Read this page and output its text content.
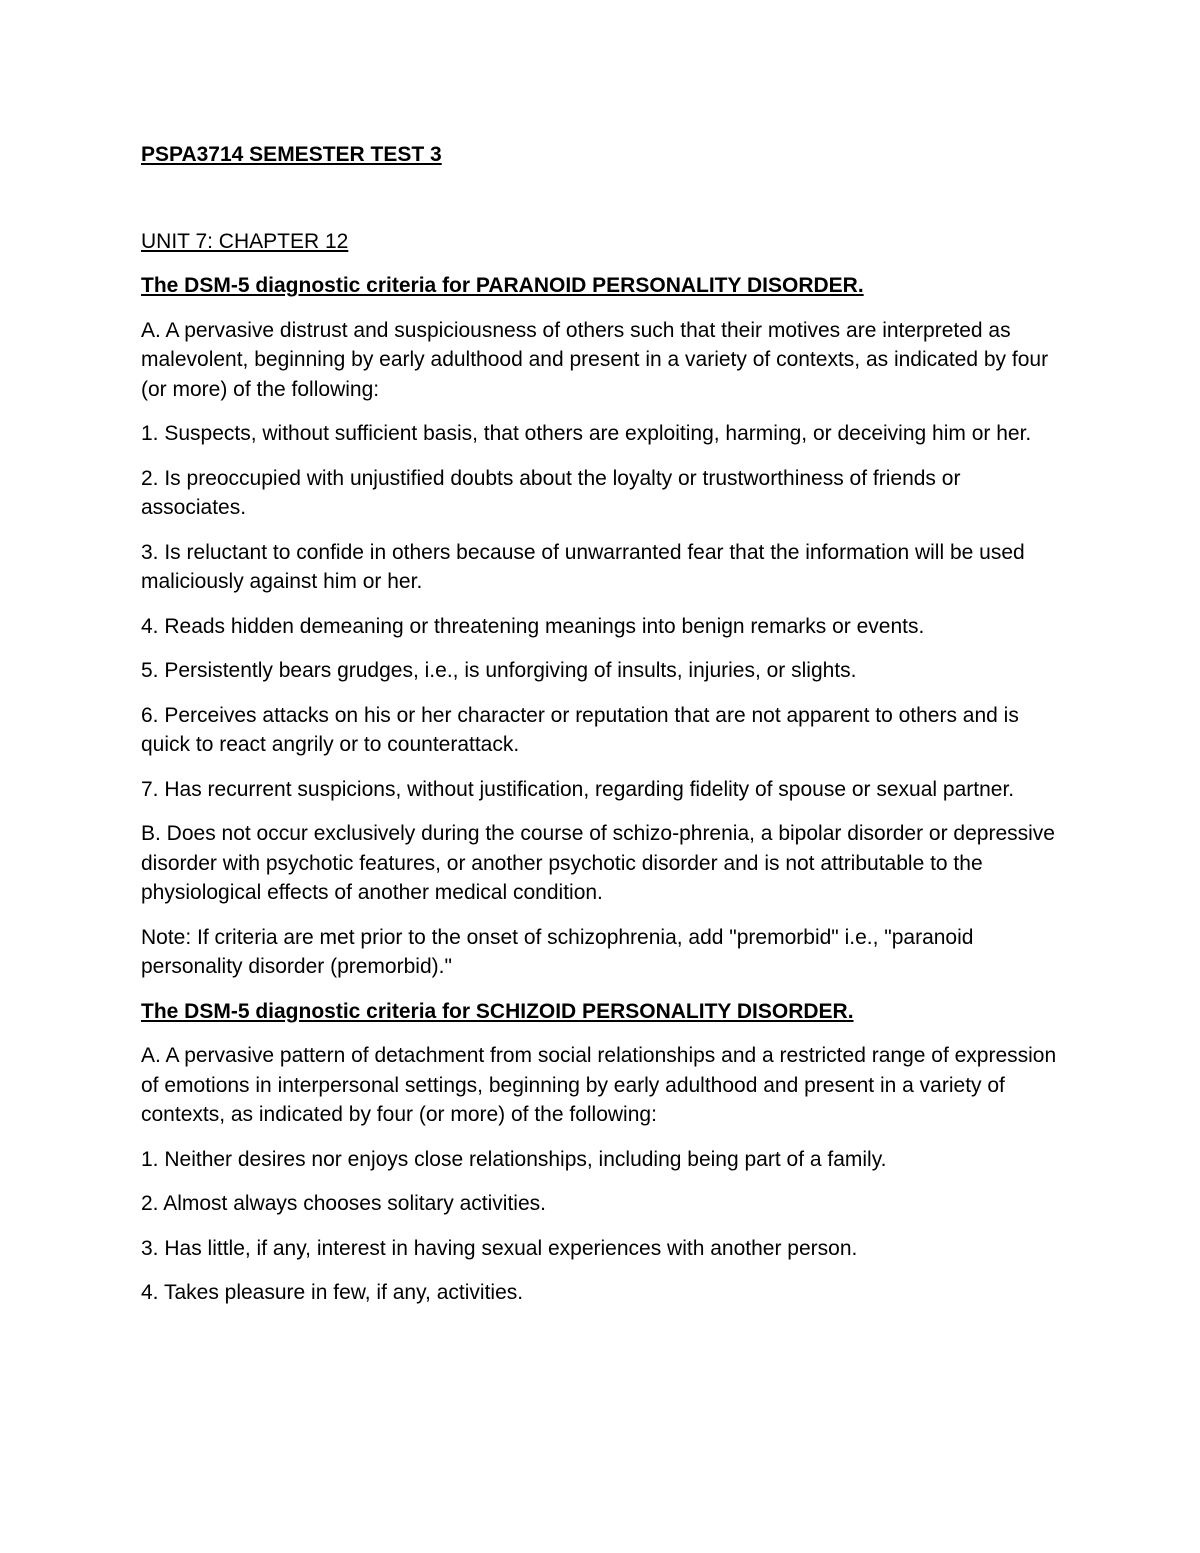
PSPA3714 SEMESTER TEST 3

UNIT 7: CHAPTER 12

The DSM-5 diagnostic criteria for PARANOID PERSONALITY DISORDER.

A. A pervasive distrust and suspiciousness of others such that their motives are interpreted as malevolent, beginning by early adulthood and present in a variety of contexts, as indicated by four (or more) of the following:

1. Suspects, without sufficient basis, that others are exploiting, harming, or deceiving him or her.

2. Is preoccupied with unjustified doubts about the loyalty or trustworthiness of friends or associates.

3. Is reluctant to confide in others because of unwarranted fear that the information will be used maliciously against him or her.

4. Reads hidden demeaning or threatening meanings into benign remarks or events.

5. Persistently bears grudges, i.e., is unforgiving of insults, injuries, or slights.

6. Perceives attacks on his or her character or reputation that are not apparent to others and is quick to react angrily or to counterattack.

7. Has recurrent suspicions, without justification, regarding fidelity of spouse or sexual partner.

B. Does not occur exclusively during the course of schizo-phrenia, a bipolar disorder or depressive disorder with psychotic features, or another psychotic disorder and is not attributable to the physiological effects of another medical condition.

Note: If criteria are met prior to the onset of schizophrenia, add "premorbid" i.e., "paranoid personality disorder (premorbid)."

The DSM-5 diagnostic criteria for SCHIZOID PERSONALITY DISORDER.

A. A pervasive pattern of detachment from social relationships and a restricted range of expression of emotions in interpersonal settings, beginning by early adulthood and present in a variety of contexts, as indicated by four (or more) of the following:

1. Neither desires nor enjoys close relationships, including being part of a family.

2. Almost always chooses solitary activities.

3. Has little, if any, interest in having sexual experiences with another person.

4. Takes pleasure in few, if any, activities.
